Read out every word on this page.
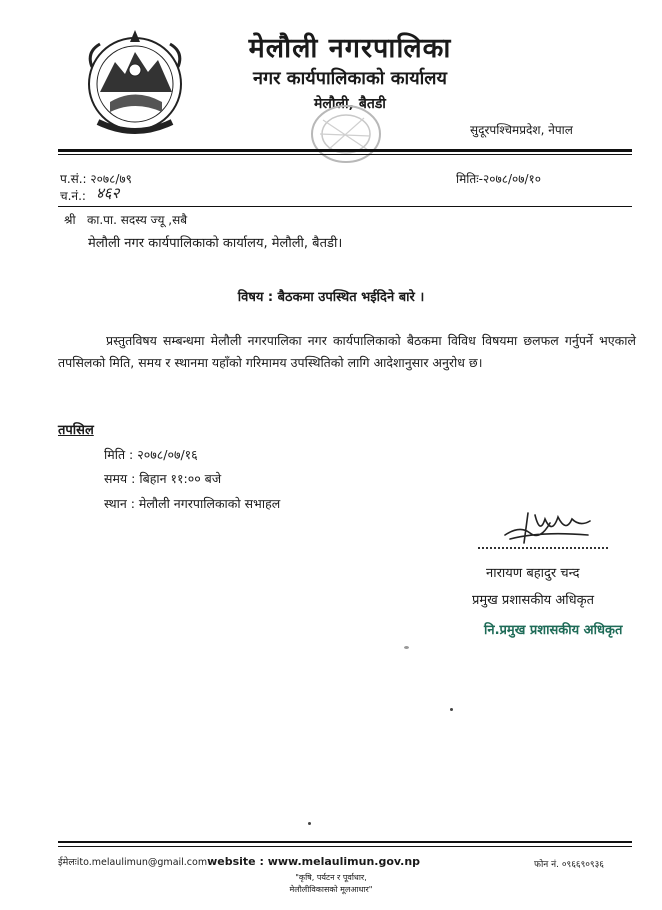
मेलौली नगरपालिका
नगर कार्यपालिकाको कार्यालय
मेलौली, बैतडी
सुदूरपश्चिमप्रदेश, नेपाल
प.सं.: २०७८/७९
च.नं.: ४६२
मितिः-२०७८/०७/१०
श्री   का.पा. सदस्य ज्यू ,सबै
मेलौली नगर कार्यपालिकाको कार्यालय, मेलौली, बैतडी।
विषय : बैठकमा उपस्थित भईदिने बारे ।
प्रस्तुतविषय सम्बन्धमा मेलौली नगरपालिका नगर कार्यपालिकाको बैठकमा विविध विषयमा छलफल गर्नुपर्ने भएकाले तपसिलको मिति, समय र स्थानमा यहाँको गरिमामय उपस्थितिको लागि आदेशानुसार अनुरोध छ।
तपसिल
मिति : २०७८/०७/१६
समय : बिहान ११:०० बजे
स्थान : मेलौली नगरपालिकाको सभाहल
नारायण बहादुर चन्द
प्रमुख प्रशासकीय अधिकृत
नि.प्रमुख प्रशासकीय अधिकृत
ईमेलःito.melaulimun@gmail.comwebsite : www.melaulimun.gov.np	फोन नं. ०९६६९०९३६
"कृषि, पर्यटन र पूर्वाधार,
मेलौलीविकासको मूलआधार"
